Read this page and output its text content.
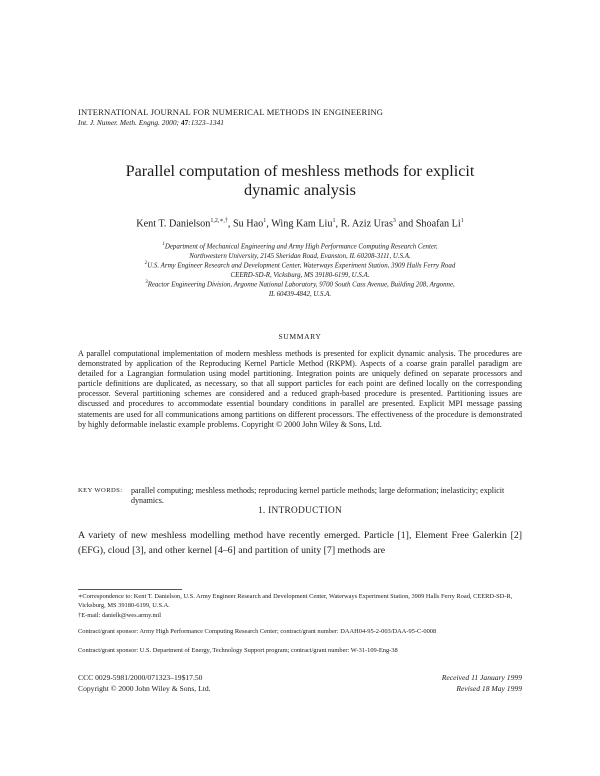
INTERNATIONAL JOURNAL FOR NUMERICAL METHODS IN ENGINEERING
Int. J. Numer. Meth. Engng. 2000; 47:1323–1341
Parallel computation of meshless methods for explicit
dynamic analysis
Kent T. Danielson$^{1,2,∗,\dagger}$, Su Hao$^1$, Wing Kam Liu$^1$, R. Aziz Uras$^3$ and Shoafan Li$^1$
$^1$Department of Mechanical Engineering and Army High Performance Computing Research Center,
Northwestern University, 2145 Sheridan Road, Evanston, IL 60208-3111, U.S.A.
$^2$U.S. Army Engineer Research and Development Center, Waterways Experiment Station, 3909 Halls Ferry Road
CEERD-SD-R, Vicksburg, MS 39180-6199, U.S.A.
$^3$Reactor Engineering Division, Argonne National Laboratory, 9700 South Cass Avenue, Building 208, Argonne,
IL 60439-4842, U.S.A.
SUMMARY
A parallel computational implementation of modern meshless methods is presented for explicit dynamic analysis. The procedures are demonstrated by application of the Reproducing Kernel Particle Method (RKPM). Aspects of a coarse grain parallel paradigm are detailed for a Lagrangian formulation using model partitioning. Integration points are uniquely defined on separate processors and particle definitions are duplicated, as necessary, so that all support particles for each point are defined locally on the corresponding processor. Several partitioning schemes are considered and a reduced graph-based procedure is presented. Partitioning issues are discussed and procedures to accommodate essential boundary conditions in parallel are presented. Explicit MPI message passing statements are used for all communications among partitions on different processors. The effectiveness of the procedure is demonstrated by highly deformable inelastic example problems. Copyright © 2000 John Wiley & Sons, Ltd.
KEY WORDS: parallel computing; meshless methods; reproducing kernel particle methods; large deformation; inelasticity; explicit dynamics.
1. INTRODUCTION
A variety of new meshless modelling method have recently emerged. Particle [1], Element Free Galerkin [2] (EFG), cloud [3], and other kernel [4–6] and partition of unity [7] methods are
∗Correspondence to: Kent T. Danielson, U.S. Army Engineer Research and Development Center, Waterways Experiment Station, 3909 Halls Ferry Road, CEERD-SD-R, Vicksburg, MS 39180-6199, U.S.A.
†E-mail: danielk@wes.army.mil
Contract/grant sponsor: Army High Performance Computing Research Center; contract/grant number: DAAH04-95-2-003/DAA-95-C-0008
Contract/grant sponsor: U.S. Department of Energy, Technology Support program; contract/grant number: W-31-109-Eng-38
CCC 0029-5981/2000/071323–19$17.50
Copyright © 2000 John Wiley & Sons, Ltd.
Received 11 January 1999
Revised 18 May 1999
